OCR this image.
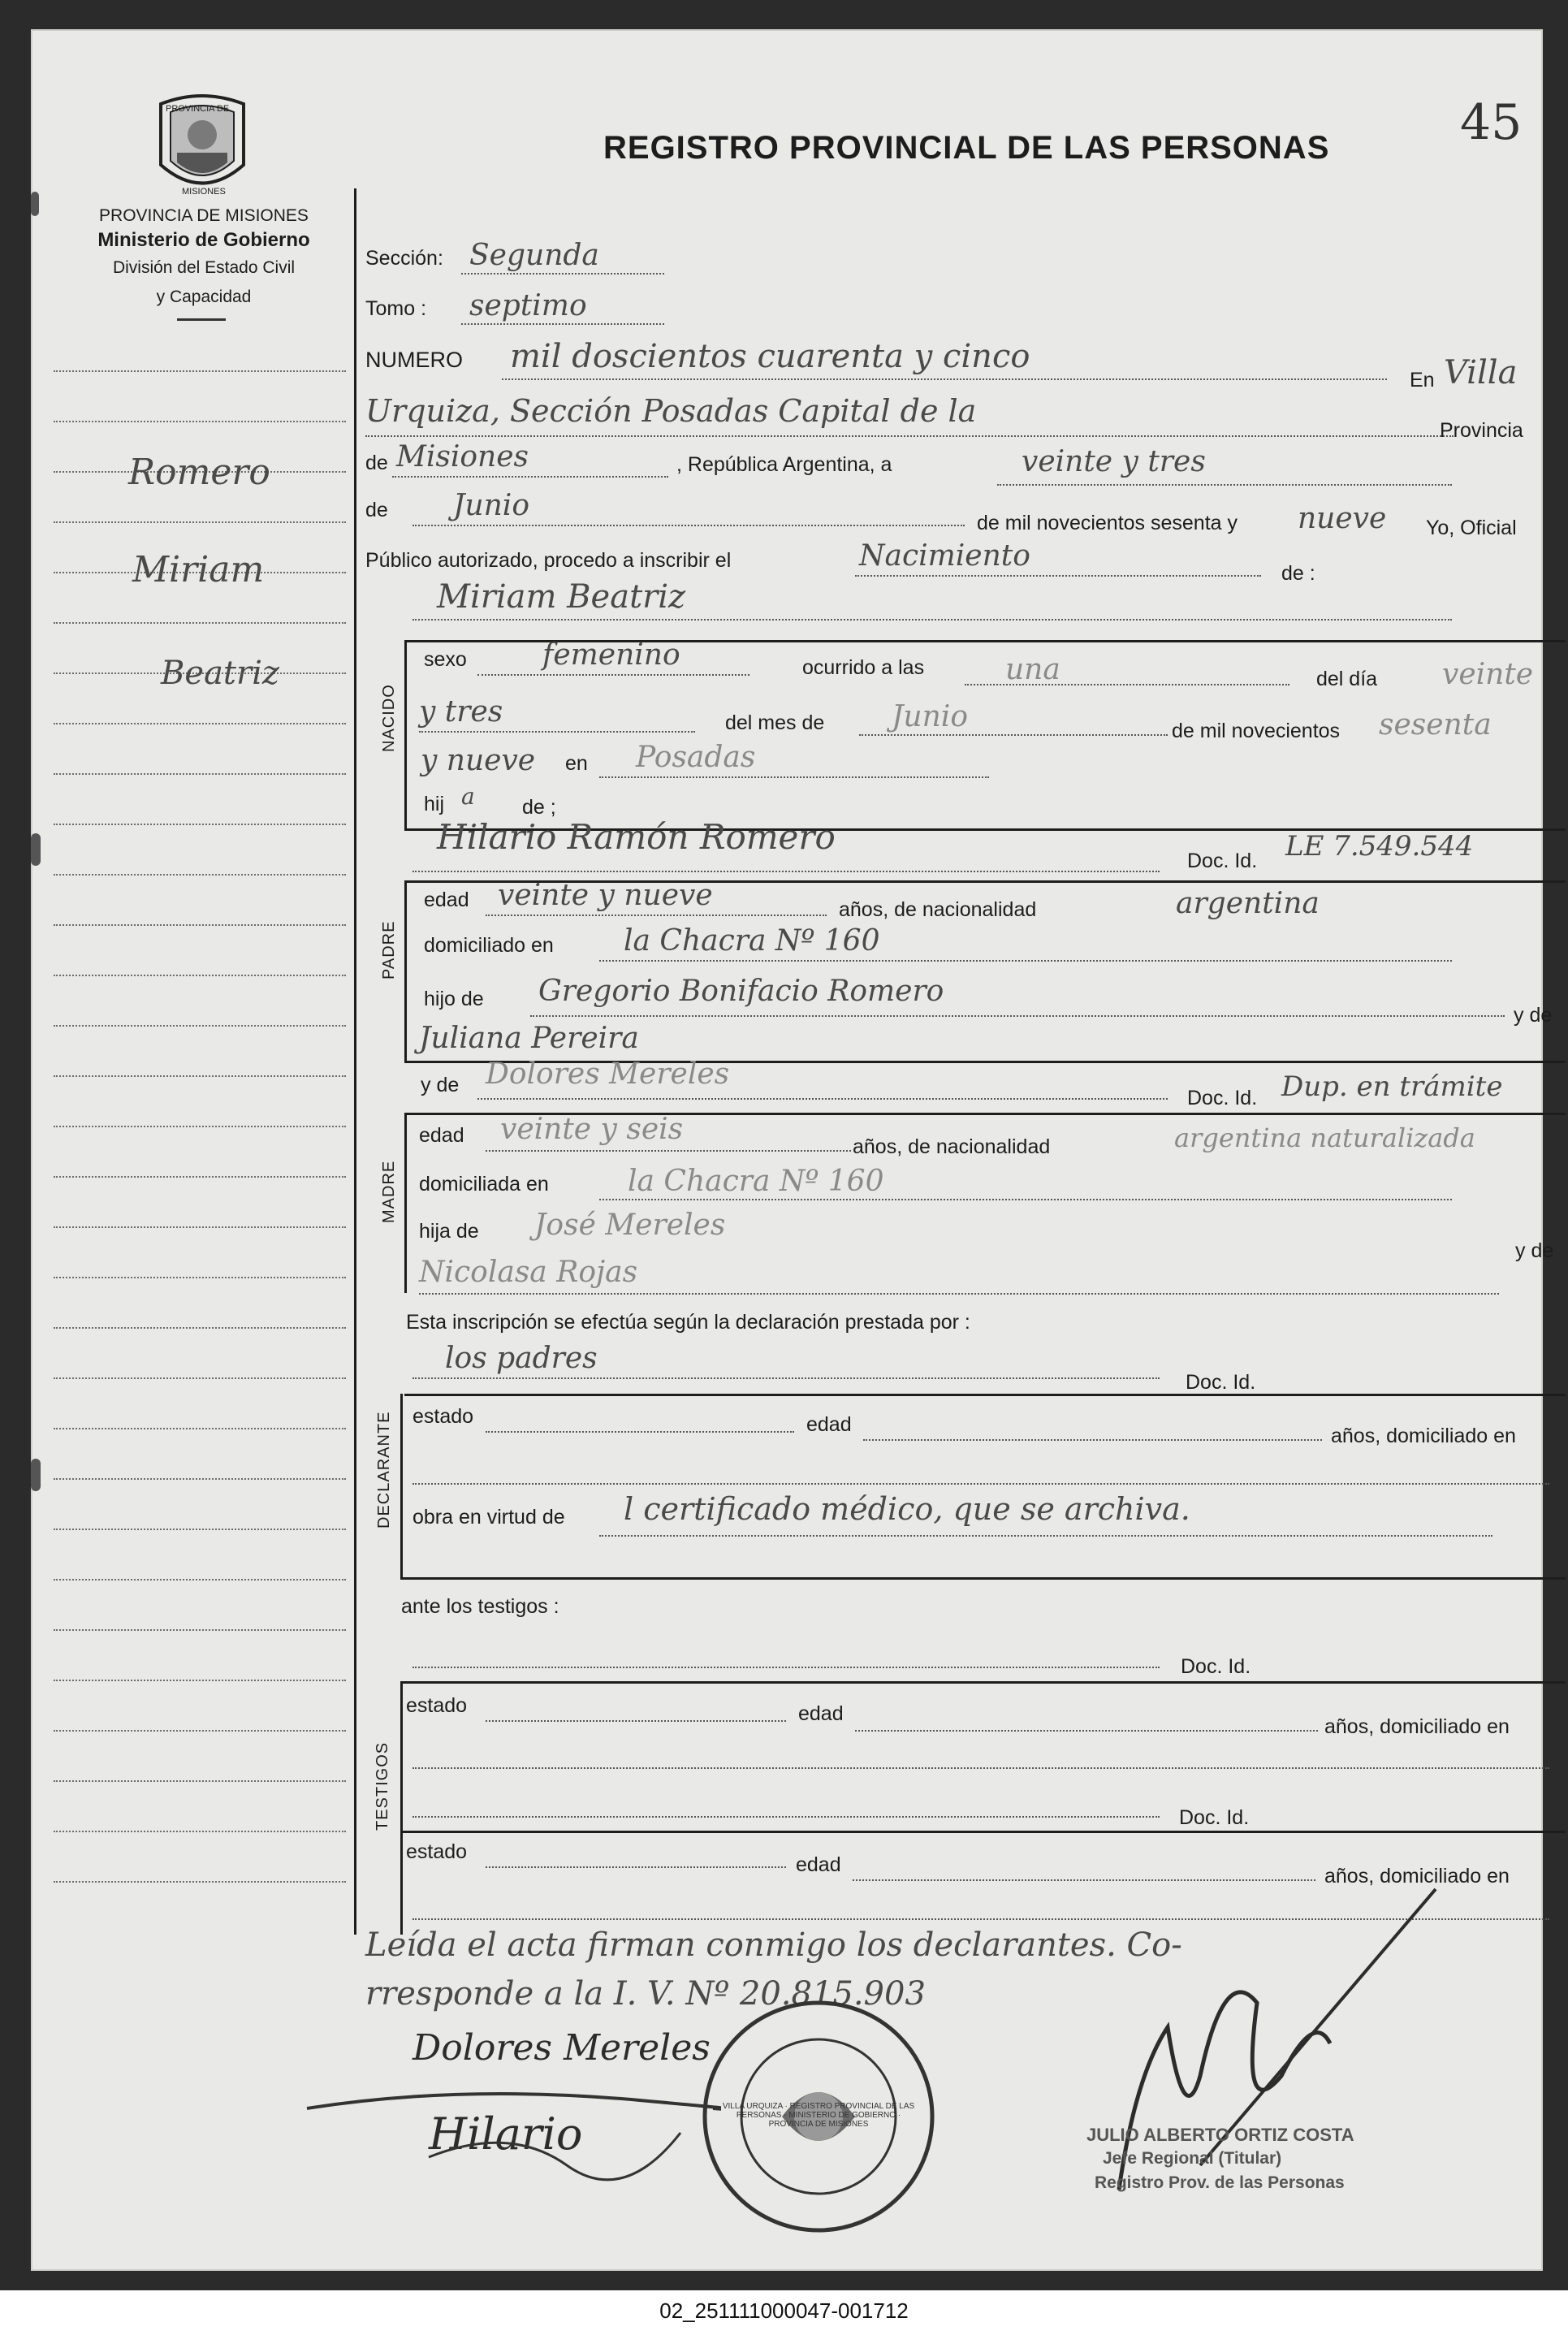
45
REGISTRO PROVINCIAL DE LAS PERSONAS
PROVINCIA DE
MISIONES
PROVINCIA DE MISIONES
Ministerio de Gobierno
División del Estado Civil
y Capacidad
Romero
Miriam
Beatriz
Sección: Segunda
Tomo : septimo
NUMERO mil doscientos cuarenta y cinco
En Villa
Urquiza, Sección Posadas Capital de la
Provincia
de Misiones	, República Argentina, a	veinte y tres
de Junio
de mil novecientos sesenta y nueve Yo, Oficial
Público autorizado, procedo a inscribir el	Nacimiento
de :
Miriam Beatriz
NACIDO
sexo	femenino	ocurrido a las	una	del día veinte
y tres	del mes de Junio	de mil novecientos sesenta
y nueve en Posadas
hij a de ;
Hilario Ramón Romero
Doc. Id. LE 7.549.544
PADRE
edad veinte y nueve	años, de nacionalidad	argentina
domiciliado en la Chacra Nº 160
hijo de Gregorio Bonifacio Romero
y de
Juliana Pereira
y de Dolores Mereles
Doc. Id. Dup. en trámite
MADRE
edad veinte y seis
años, de nacionalidad	argentina naturalizada
domiciliada en	la Chacra Nº 160
hija de José Mereles
Nicolasa Rojas
y de
Esta inscripción se efectúa según la declaración prestada por :
los padres
Doc. Id.
DECLARANTE estado	edad	años, domiciliado en
obra en virtud de l certificado médico, que se archiva.
ante los testigos :
Doc. Id.
TESTIGOS
estado	edad
años, domiciliado en
Doc. Id.
estado
edad	años, domiciliado en
Leída el acta firman conmigo los declarantes. Co-
rresponde a la I. V. Nº 20.815.903
Dolores Mereles
Hilario
VILLA URQUIZA · REGISTRO PROVINCIAL DE LAS PERSONAS · MINISTERIO DE GOBIERNO · PROVINCIA DE MISIONES
JULIO ALBERTO ORTIZ COSTA
Jefe Regional (Titular)
Registro Prov. de las Personas
02_251111000047-001712
